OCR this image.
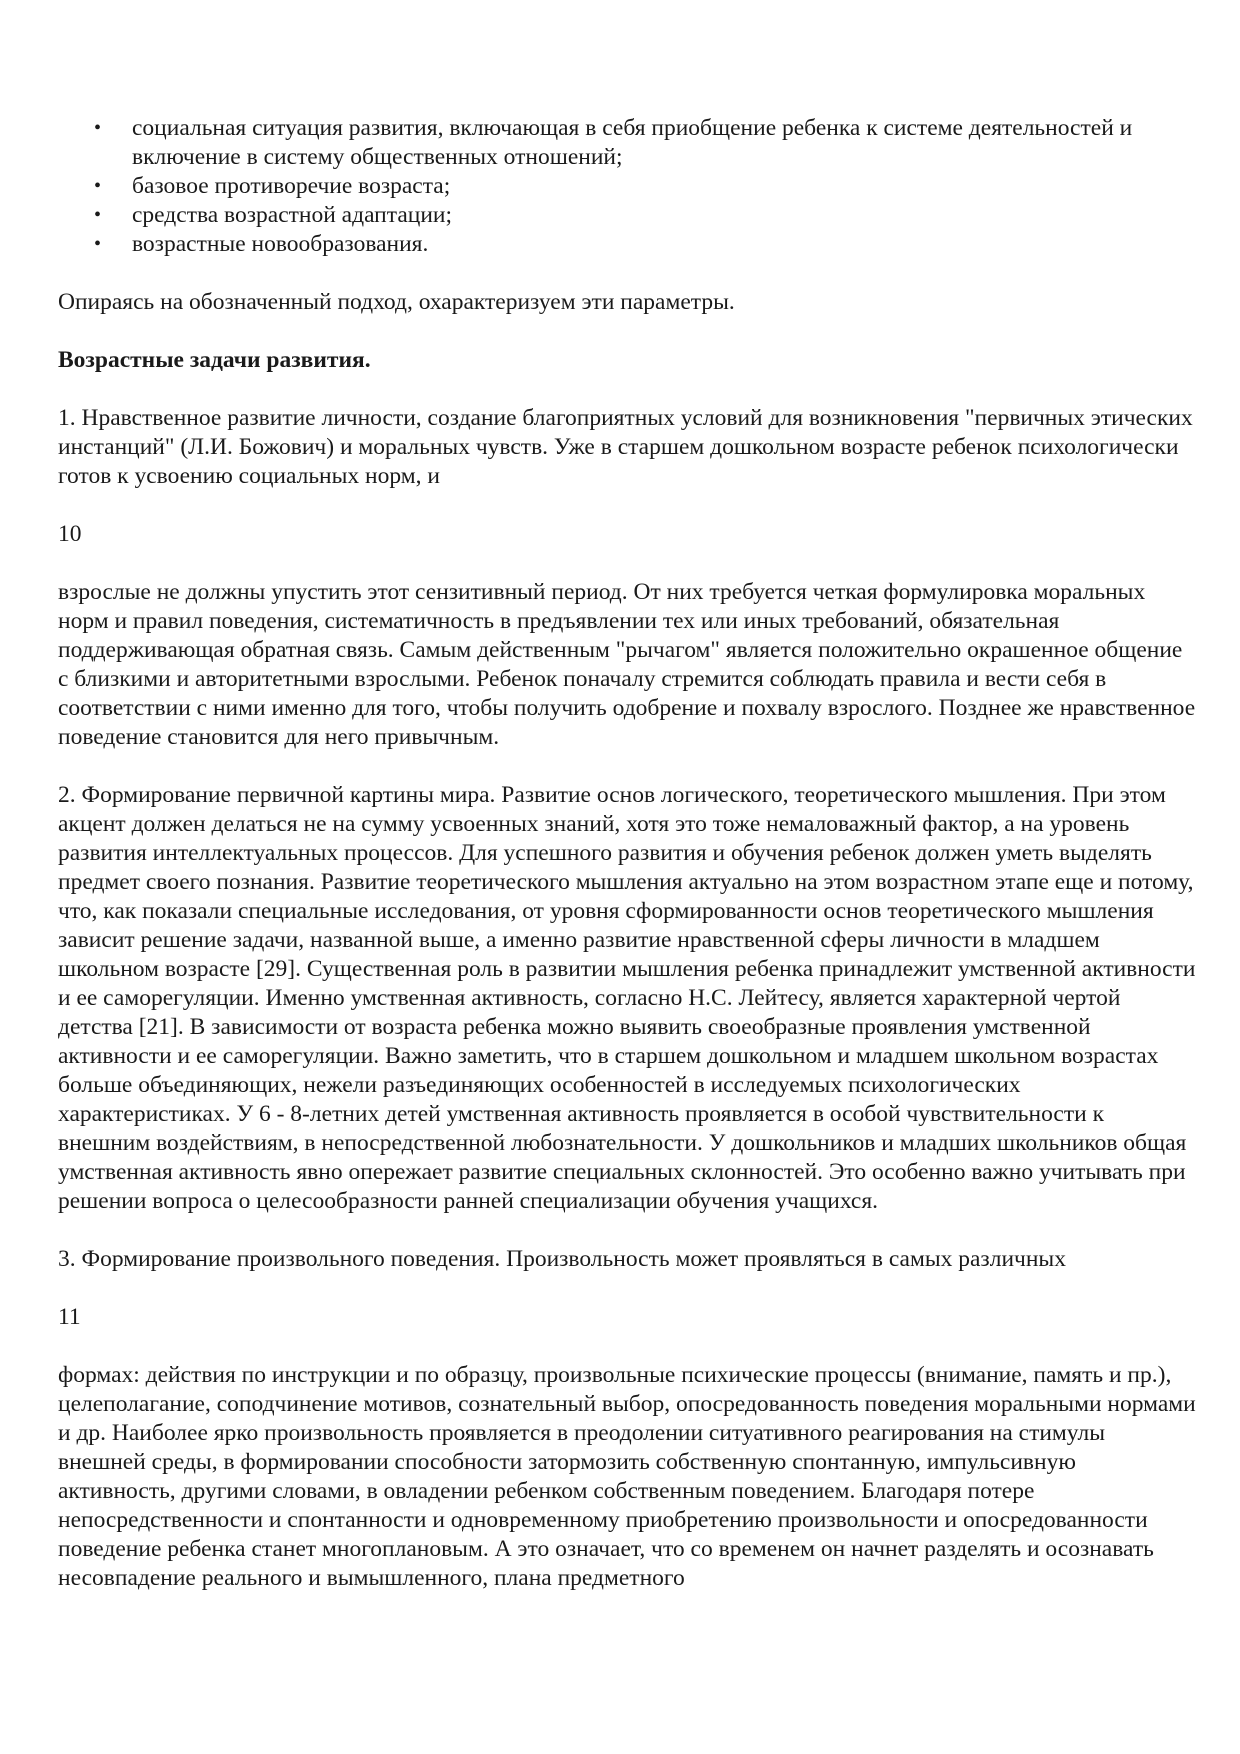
• социальная ситуация развития, включающая в себя приобщение ребенка к системе деятельностей и включение в систему общественных отношений;
• базовое противоречие возраста;
• средства возрастной адаптации;
• возрастные новообразования.

Опираясь на обозначенный подход, охарактеризуем эти параметры.

Возрастные задачи развития.

1. Нравственное развитие личности, создание благоприятных условий для возникновения "первичных этических инстанций" (Л.И. Божович) и моральных чувств. Уже в старшем дошкольном возрасте ребенок психологически готов к усвоению социальных норм, и

10

взрослые не должны упустить этот сензитивный период. От них требуется четкая формулировка моральных норм и правил поведения, систематичность в предъявлении тех или иных требований, обязательная поддерживающая обратная связь. Самым действенным "рычагом" является положительно окрашенное общение с близкими и авторитетными взрослыми. Ребенок поначалу стремится соблюдать правила и вести себя в соответствии с ними именно для того, чтобы получить одобрение и похвалу взрослого. Позднее же нравственное поведение становится для него привычным.

2. Формирование первичной картины мира. Развитие основ логического, теоретического мышления. При этом акцент должен делаться не на сумму усвоенных знаний, хотя это тоже немаловажный фактор, а на уровень развития интеллектуальных процессов. Для успешного развития и обучения ребенок должен уметь выделять предмет своего познания. Развитие теоретического мышления актуально на этом возрастном этапе еще и потому, что, как показали специальные исследования, от уровня сформированности основ теоретического мышления зависит решение задачи, названной выше, а именно развитие нравственной сферы личности в младшем школьном возрасте [29]. Существенная роль в развитии мышления ребенка принадлежит умственной активности и ее саморегуляции. Именно умственная активность, согласно Н.С. Лейтесу, является характерной чертой детства [21]. В зависимости от возраста ребенка можно выявить своеобразные проявления умственной активности и ее саморегуляции. Важно заметить, что в старшем дошкольном и младшем школьном возрастах больше объединяющих, нежели разъединяющих особенностей в исследуемых психологических характеристиках. У 6 - 8-летних детей умственная активность проявляется в особой чувствительности к внешним воздействиям, в непосредственной любознательности. У дошкольников и младших школьников общая умственная активность явно опережает развитие специальных склонностей. Это особенно важно учитывать при решении вопроса о целесообразности ранней специализации обучения учащихся.

3. Формирование произвольного поведения. Произвольность может проявляться в самых различных

11

формах: действия по инструкции и по образцу, произвольные психические процессы (внимание, память и пр.), целеполагание, соподчинение мотивов, сознательный выбор, опосредованность поведения моральными нормами и др. Наиболее ярко произвольность проявляется в преодолении ситуативного реагирования на стимулы внешней среды, в формировании способности затормозить собственную спонтанную, импульсивную активность, другими словами, в овладении ребенком собственным поведением. Благодаря потере непосредственности и спонтанности и одновременному приобретению произвольности и опосредованности поведение ребенка станет многоплановым. А это означает, что со временем он начнет разделять и осознавать несовпадение реального и вымышленного, плана предметного
